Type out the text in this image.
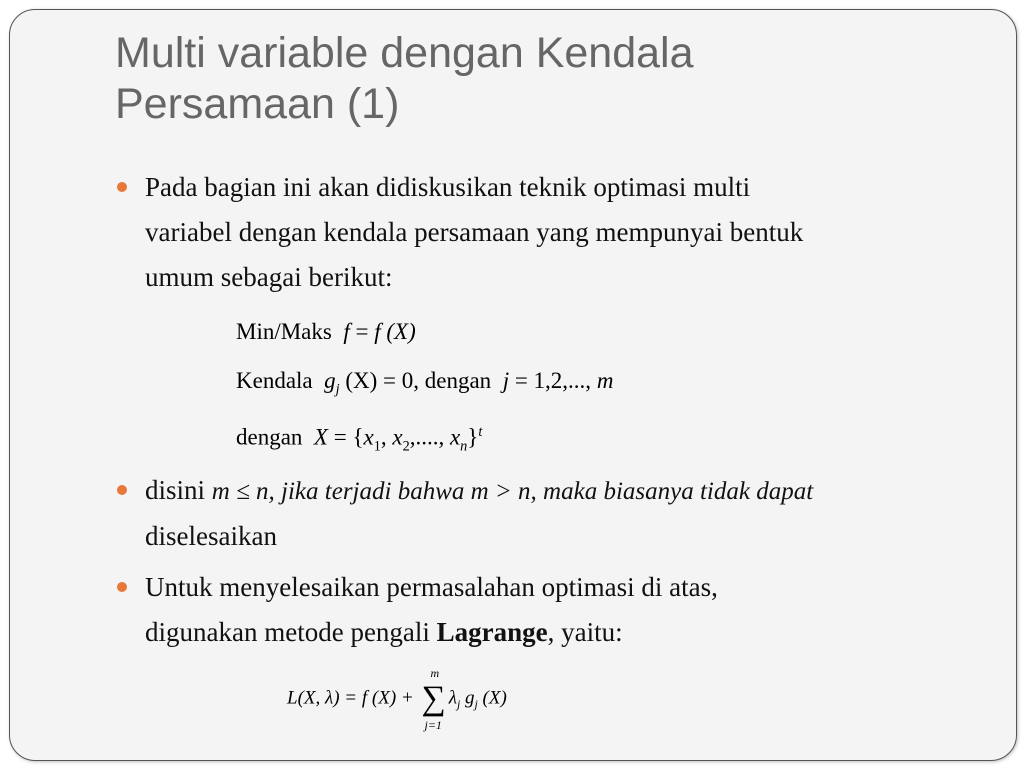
Multi variable dengan Kendala
Persamaan (1)
Pada bagian ini akan didiskusikan teknik optimasi multi
variabel dengan kendala persamaan yang mempunyai bentuk
umum sebagai berikut:
Min/Maks f = f (X)
Kendala $g_j$ (X) = 0, dengan j = 1,2,..., m
dengan $X = \{x_1$, $x_2$,...., $x_n\}^t$
disini m ≤ n, jika terjadi bahwa m > n, maka biasanya tidak dapat
diselesaikan
Untuk menyelesaikan permasalahan optimasi di atas,
digunakan metode pengali Lagrange, yaitu:
L(X, λ) = f (X) + ∑
m
j=1
$\lambda_j$ $g_j$ (X)
